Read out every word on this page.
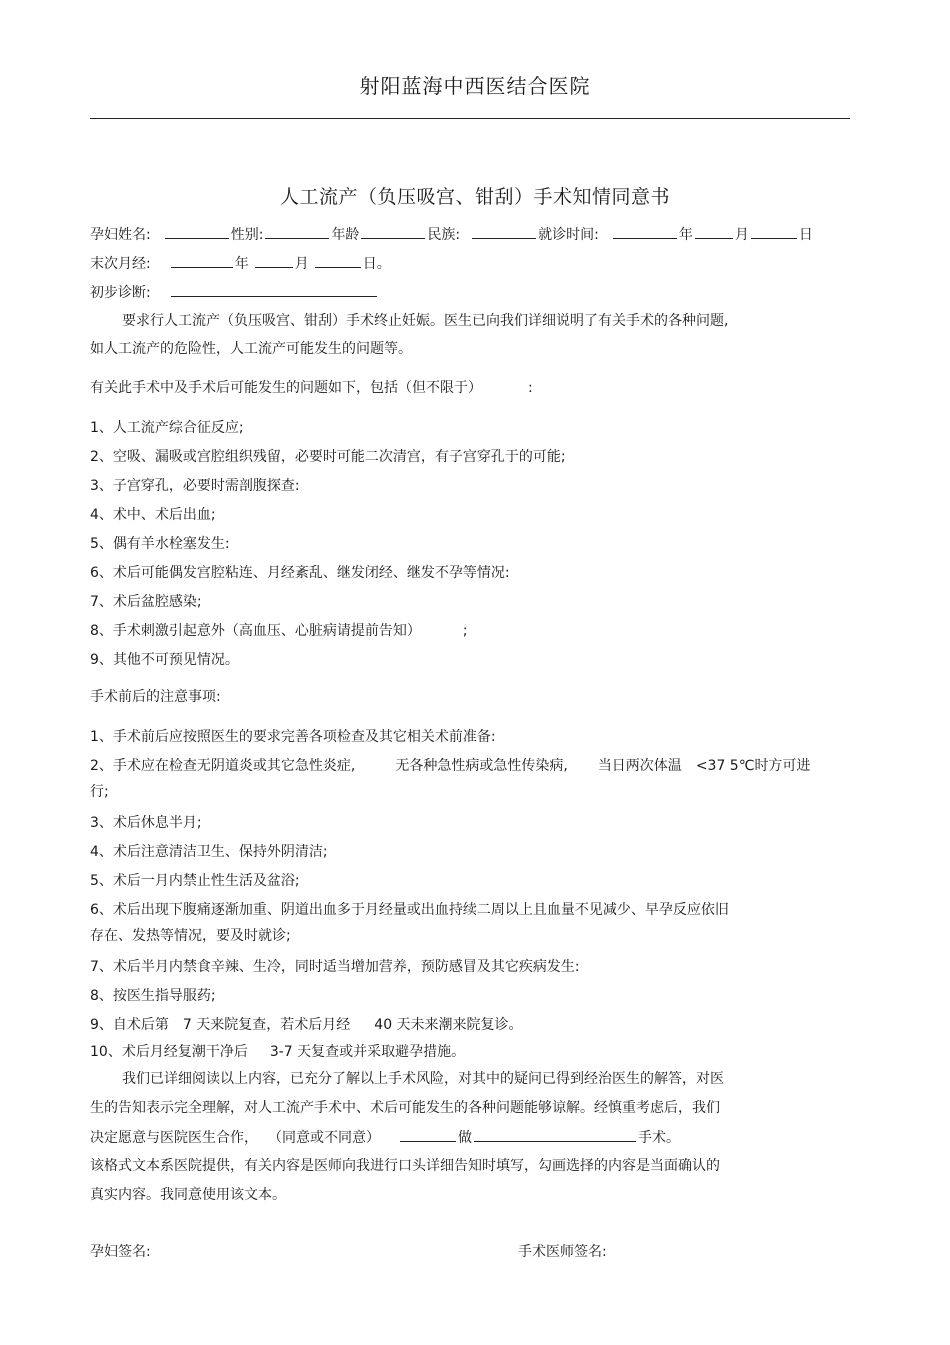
射阳蓝海中西医结合医院
人工流产（负压吸宫、钳刮）手术知情同意书
孕妇姓名:	性别:	年龄	民族:	就诊时间:	年	月	日
末次月经:	年	月	日。
初步诊断:
要求行人工流产（负压吸宫、钳刮）手术终止妊娠。医生已向我们详细说明了有关手术的各种问题,
如人工流产的危险性，人工流产可能发生的问题等。
有关此手术中及手术后可能发生的问题如下，包括（但不限于）	:
1、人工流产综合征反应;
2、空吸、漏吸或宫腔组织残留，必要时可能二次清宫，有子宫穿孔于的可能;
3、子宫穿孔，必要时需剖腹探查:
4、术中、术后出血;
5、偶有羊水栓塞发生:
6、术后可能偶发宫腔粘连、月经紊乱、继发闭经、继发不孕等情况:
7、术后盆腔感染;
8、手术刺激引起意外（高血压、心脏病请提前告知）	;
9、其他不可预见情况。
手术前后的注意事项:
1、手术前后应按照医生的要求完善各项检查及其它相关术前准备:
2、手术应在检查无阴道炎或其它急性炎症,	无各种急性病或急性传染病, 当日两次体温 <37 5℃时方可进
行;
3、术后休息半月;
4、术后注意清洁卫生、保持外阴清洁;
5、术后一月内禁止性生活及盆浴;
6、术后出现下腹痛逐渐加重、阴道出血多于月经量或出血持续二周以上且血量不见减少、早孕反应依旧
存在、发热等情况，要及时就诊;
7、术后半月内禁食辛辣、生冷，同时适当增加营养，预防感冒及其它疾病发生:
8、按医生指导服药;
9、自术后第 7 天来院复查，若术后月经 40 天未来潮来院复诊。
10、术后月经复潮干净后 3-7 天复查或并采取避孕措施。
我们已详细阅读以上内容，已充分了解以上手术风险，对其中的疑问已得到经治医生的解答，对医
生的告知表示完全理解，对人工流产手术中、术后可能发生的各种问题能够谅解。经慎重考虑后，我们
决定愿意与医院医生合作， （同意或不同意）	做	手术。
该格式文本系医院提供，有关内容是医师向我进行口头详细告知时填写，勾画选择的内容是当面确认的
真实内容。我同意使用该文本。
孕妇签名:	手术医师签名:
